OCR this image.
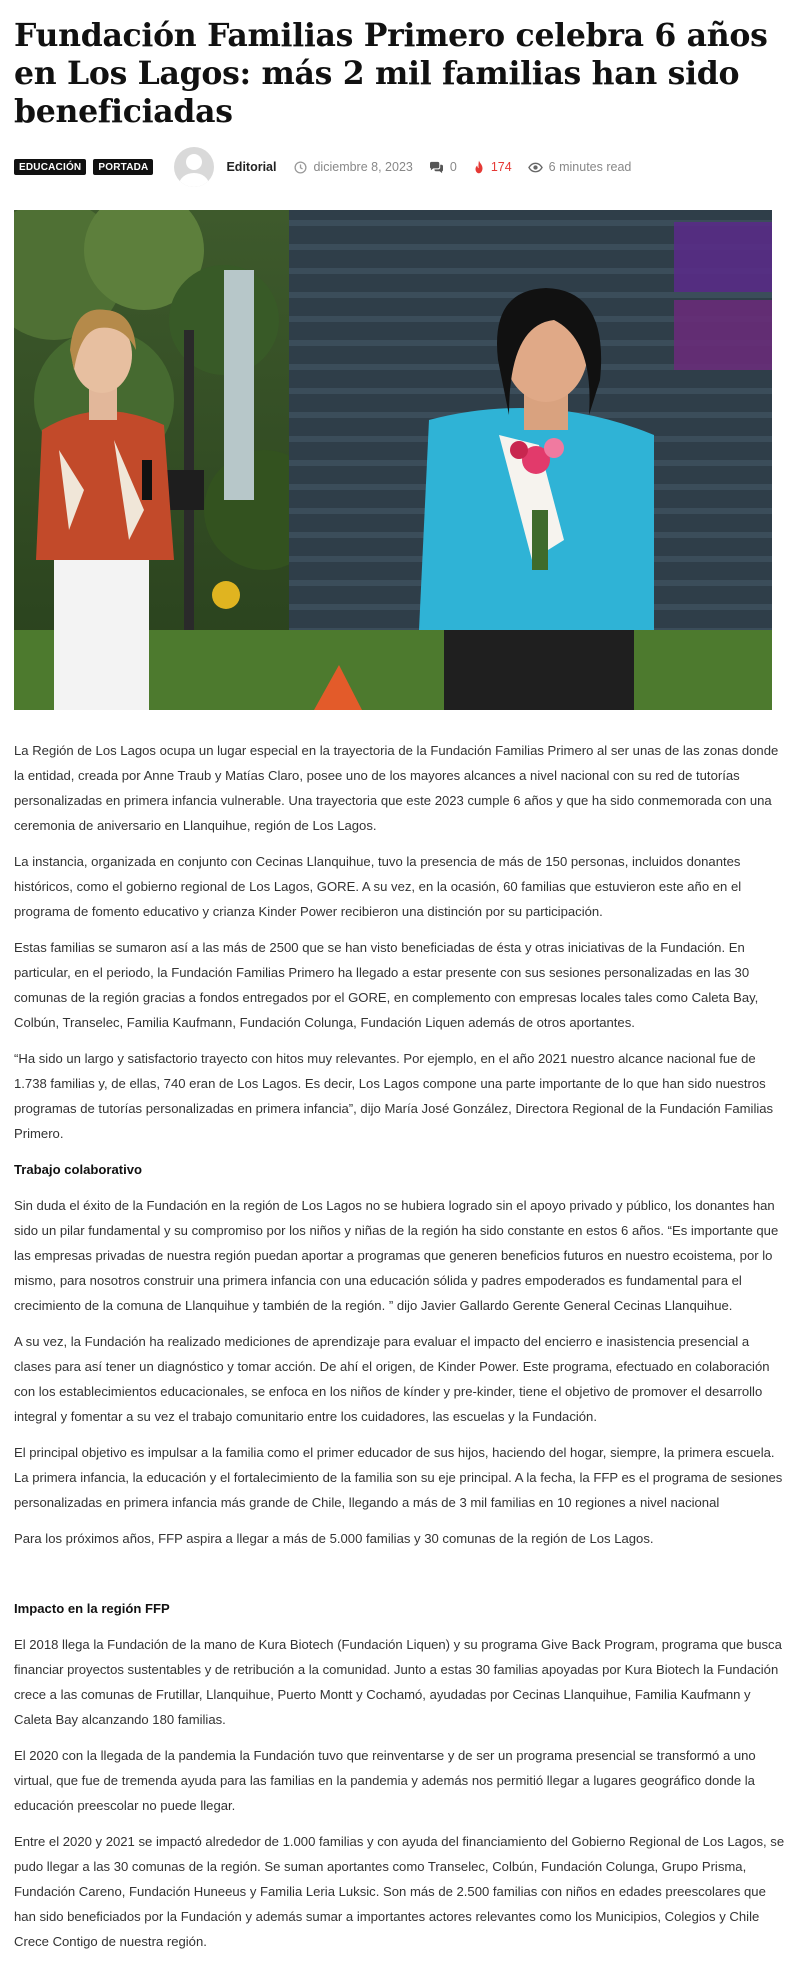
Fundación Familias Primero celebra 6 años en Los Lagos: más 2 mil familias han sido beneficiadas
EDUCACIÓN	PORTADA	Editorial	diciembre 8, 2023	0	174	6 minutes read

La Región de Los Lagos ocupa un lugar especial en la trayectoria de la Fundación Familias Primero al ser unas de las zonas donde la entidad, creada por Anne Traub y Matías Claro, posee uno de los mayores alcances a nivel nacional con su red de tutorías personalizadas en primera infancia vulnerable. Una trayectoria que este 2023 cumple 6 años y que ha sido conmemorada con una ceremonia de aniversario en Llanquihue, región de Los Lagos.

La instancia, organizada en conjunto con Cecinas Llanquihue, tuvo la presencia de más de 150 personas, incluidos donantes históricos, como el gobierno regional de Los Lagos, GORE. A su vez, en la ocasión, 60 familias que estuvieron este año en el programa de fomento educativo y crianza Kinder Power recibieron una distinción por su participación.

Estas familias se sumaron así a las más de 2500 que se han visto beneficiadas de ésta y otras iniciativas de la Fundación. En particular, en el periodo, la Fundación Familias Primero ha llegado a estar presente con sus sesiones personalizadas en las 30 comunas de la región gracias a fondos entregados por el GORE, en complemento con empresas locales tales como Caleta Bay, Colbún, Transelec, Familia Kaufmann, Fundación Colunga, Fundación Liquen además de otros aportantes.

“Ha sido un largo y satisfactorio trayecto con hitos muy relevantes. Por ejemplo, en el año 2021 nuestro alcance nacional fue de 1.738 familias y, de ellas, 740 eran de Los Lagos. Es decir, Los Lagos compone una parte importante de lo que han sido nuestros programas de tutorías personalizadas en primera infancia”, dijo María José González, Directora Regional de la Fundación Familias Primero.

Trabajo colaborativo

Sin duda el éxito de la Fundación en la región de Los Lagos no se hubiera logrado sin el apoyo privado y público, los donantes han sido un pilar fundamental y su compromiso por los niños y niñas de la región ha sido constante en estos 6 años. “Es importante que las empresas privadas de nuestra región puedan aportar a programas que generen beneficios futuros en nuestro ecoistema, por lo mismo, para nosotros construir una primera infancia con una educación sólida y padres empoderados es fundamental para el crecimiento de la comuna de Llanquihue y también de la región. ” dijo Javier Gallardo Gerente General Cecinas Llanquihue.

A su vez, la Fundación ha realizado mediciones de aprendizaje para evaluar el impacto del encierro e inasistencia presencial a clases para así tener un diagnóstico y tomar acción. De ahí el origen, de Kinder Power. Este programa, efectuado en colaboración con los establecimientos educacionales, se enfoca en los niños de kínder y pre-kinder, tiene el objetivo de promover el desarrollo integral y fomentar a su vez el trabajo comunitario entre los cuidadores, las escuelas y la Fundación.

El principal objetivo es impulsar a la familia como el primer educador de sus hijos, haciendo del hogar, siempre, la primera escuela. La primera infancia, la educación y el fortalecimiento de la familia son su eje principal. A la fecha, la FFP es el programa de sesiones personalizadas en primera infancia más grande de Chile, llegando a más de 3 mil familias en 10 regiones a nivel nacional

Para los próximos años, FFP aspira a llegar a más de 5.000 familias y 30 comunas de la región de Los Lagos.

Impacto en la región FFP

El 2018 llega la Fundación de la mano de Kura Biotech (Fundación Liquen) y su programa Give Back Program, programa que busca financiar proyectos sustentables y de retribución a la comunidad. Junto a estas 30 familias apoyadas por Kura Biotech la Fundación crece a las comunas de Frutillar, Llanquihue, Puerto Montt y Cochamó, ayudadas por Cecinas Llanquihue, Familia Kaufmann y Caleta Bay alcanzando 180 familias.

El 2020 con la llegada de la pandemia la Fundación tuvo que reinventarse y de ser un programa presencial se transformó a uno virtual, que fue de tremenda ayuda para las familias en la pandemia y además nos permitió llegar a lugares geográfico donde la educación preescolar no puede llegar.

Entre el 2020 y 2021 se impactó alrededor de 1.000 familias y con ayuda del financiamiento del Gobierno Regional de Los Lagos, se pudo llegar a las 30 comunas de la región. Se suman aportantes como Transelec, Colbún, Fundación Colunga, Grupo Prisma, Fundación Careno, Fundación Huneeus y Familia Leria Luksic. Son más de 2.500 familias con niños en edades preescolares que han sido beneficiados por la Fundación y además sumar a importantes actores relevantes como los Municipios, Colegios y Chile Crece Contigo de nuestra región.
